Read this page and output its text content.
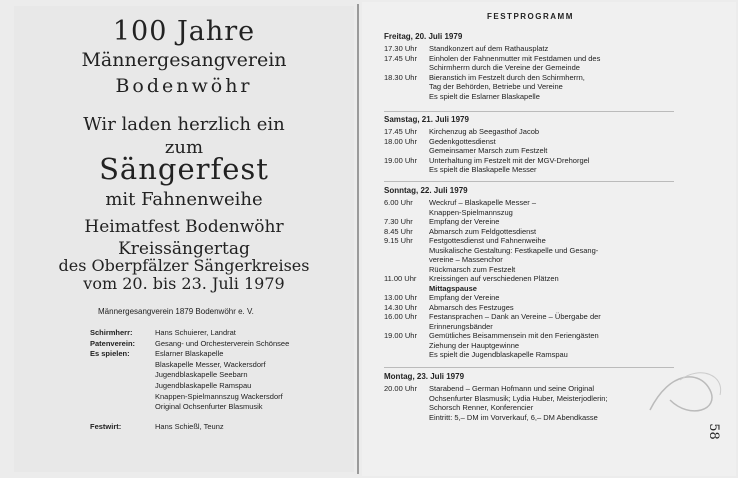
100 Jahre
Männergesangverein
Bodenwöhr
Wir laden herzlich ein
zum
Sängerfest
mit Fahnenweihe
Heimatfest Bodenwöhr
Kreissängertag
des Oberpfälzer Sängerkreises
vom 20. bis 23. Juli 1979
Männergesangverein 1879 Bodenwöhr e. V.
Schirmherr:	Hans Schuierer, Landrat
Patenverein:	Gesang- und Orchesterverein Schönsee
Es spielen:	Eslarner Blaskapelle
Blaskapelle Messer, Wackersdorf
Jugendblaskapelle Seebarn
Jugendblaskapelle Ramspau
Knappen-Spielmannszug Wackersdorf
Original Ochsenfurter Blasmusik
Festwirt:	Hans Schießl, Teunz
FESTPROGRAMM
Freitag, 20. Juli 1979
17.30 Uhr	Standkonzert auf dem Rathausplatz
17.45 Uhr	Einholen der Fahnenmutter mit Festdamen und des
Schirmherrn durch die Vereine der Gemeinde
18.30 Uhr	Bieranstich im Festzelt durch den Schirmherrn,
Tag der Behörden, Betriebe und Vereine
Es spielt die Eslarner Blaskapelle
Samstag, 21. Juli 1979
17.45 Uhr	Kirchenzug ab Seegasthof Jacob
18.00 Uhr	Gedenkgottesdienst
Gemeinsamer Marsch zum Festzelt
19.00 Uhr	Unterhaltung im Festzelt mit der MGV-Drehorgel
Es spielt die Blaskapelle Messer
Sonntag, 22. Juli 1979
6.00 Uhr	Weckruf – Blaskapelle Messer –
Knappen-Spielmannszug
7.30 Uhr	Empfang der Vereine
8.45 Uhr	Abmarsch zum Feldgottesdienst
9.15 Uhr	Festgottesdienst und Fahnenweihe
Musikalische Gestaltung: Festkapelle und Gesang-
vereine – Massenchor
Rückmarsch zum Festzelt
11.00 Uhr	Kreissingen auf verschiedenen Plätzen
Mittagspause
13.00 Uhr	Empfang der Vereine
14.30 Uhr	Abmarsch des Festzuges
16.00 Uhr	Festansprachen – Dank an Vereine – Übergabe der
Erinnerungsbänder
19.00 Uhr	Gemütliches Beisammensein mit den Feriengästen
Ziehung der Hauptgewinne
Es spielt die Jugendblaskapelle Ramspau
Montag, 23. Juli 1979
20.00 Uhr	Starabend – German Hofmann und seine Original
Ochsenfurter Blasmusik; Lydia Huber, Meisterjodlerin;
Schorsch Renner, Konferencier
Eintritt: 5,– DM im Vorverkauf, 6,– DM Abendkasse
58
